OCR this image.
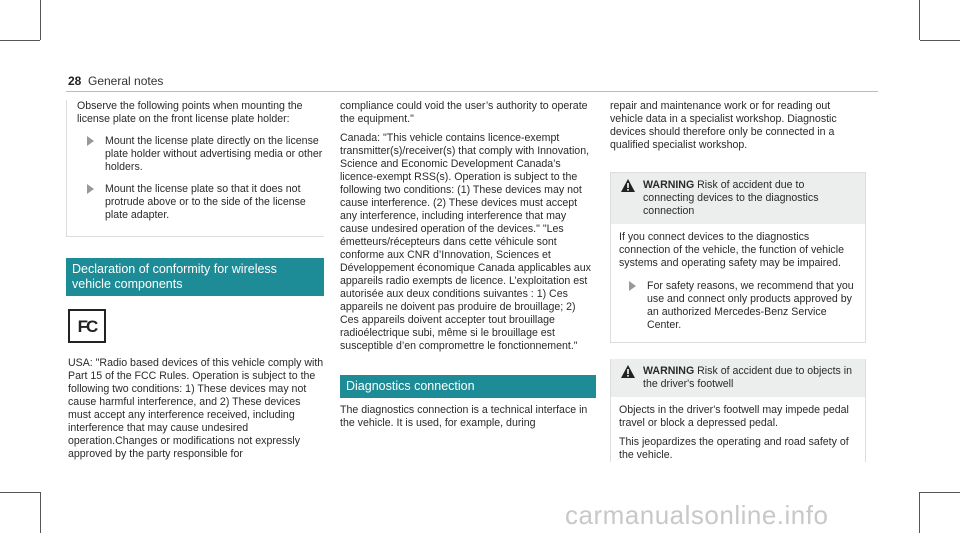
28 General notes

Observe the following points when mounting the license plate on the front license plate holder:

Mount the license plate directly on the license plate holder without advertising media or other holders.
Mount the license plate so that it does not protrude above or to the side of the license plate adapter.
Declaration of conformity for wireless vehicle components
FC

USA: "Radio based devices of this vehicle comply with Part 15 of the FCC Rules. Operation is subject to the following two conditions: 1) These devices may not cause harmful interference, and 2) These devices must accept any interference received, including interference that may cause undesired operation.Changes or modifications not expressly approved by the party responsible for

compliance could void the user’s authority to operate the equipment."

Canada: "This vehicle contains licence-exempt transmitter(s)/receiver(s) that comply with Innovation, Science and Economic Development Canada’s licence-exempt RSS(s). Operation is subject to the following two conditions: (1) These devices may not cause interference. (2) These devices must accept any interference, including interference that may cause undesired operation of the devices." "Les émetteurs/récepteurs dans cette véhicule sont conforme aux CNR d’Innovation, Sciences et Développement économique Canada applicables aux appareils radio exempts de licence. L’exploitation est autorisée aux deux conditions suivantes : 1) Ces appareils ne doivent pas produire de brouillage; 2) Ces appareils doivent accepter tout brouillage radioélectrique subi, même si le brouillage est susceptible d’en compromettre le fonctionnement."

Diagnostics connection

The diagnostics connection is a technical interface in the vehicle. It is used, for example, during

repair and maintenance work or for reading out vehicle data in a specialist workshop. Diagnostic devices should therefore only be connected in a qualified specialist workshop.

WARNING Risk of accident due to connecting devices to the diagnostics connection

If you connect devices to the diagnostics connection of the vehicle, the function of vehicle systems and operating safety may be impaired.

For safety reasons, we recommend that you use and connect only products approved by an authorized Mercedes-Benz Service Center.
WARNING Risk of accident due to objects in the driver's footwell

Objects in the driver's footwell may impede pedal travel or block a depressed pedal.

This jeopardizes the operating and road safety of the vehicle.

carmanualsonline.info
